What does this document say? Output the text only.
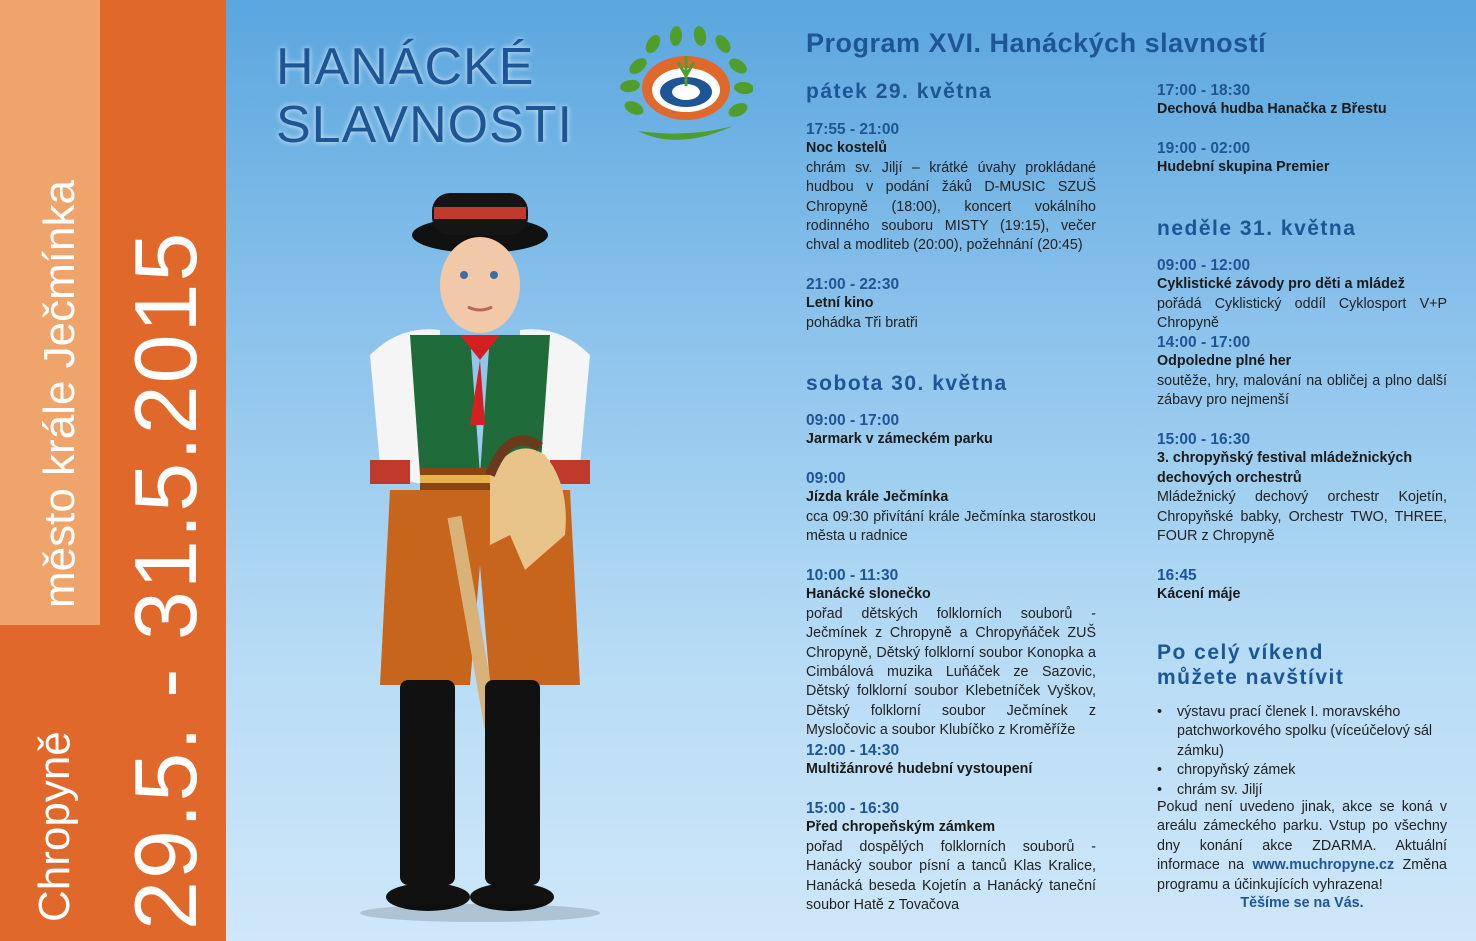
Chropyně
město krále Ječmínka 29.5. - 31.5.2015
HANÁCKÉ
SLAVNOSTI
Program XVI. Hanáckých slavností
pátek 29. května
sobota 30. května
neděle 31. května
17:55 - 21:00
Noc kostelů
chrám sv. Jiljí – krátké úvahy prokládané hudbou v podání žáků D-MUSIC SZUŠ Chropyně (18:00), koncert vokálního rodinného souboru MISTY (19:15), večer chval a modliteb (20:00), požehnání (20:45)
21:00 - 22:30
Letní kino
pohádka Tři bratři
09:00 - 17:00
Jarmark v zámeckém parku
09:00
Jízda krále Ječmínka
cca 09:30 přivítání krále Ječmínka starostkou města u radnice
10:00 - 11:30
Hanácké slonečko
pořad dětských folklorních souborů - Ječmínek z Chropyně a Chropyňáček ZUŠ Chropyně, Dětský folklorní soubor Konopka a Cimbálová muzika Luňáček ze Sazovic, Dětský folklorní soubor Klebetníček Vyškov, Dětský folklorní soubor Ječmínek z Mysločovic a soubor Klubíčko z Kroměříže
12:00 - 14:30
Multižánrové hudební vystoupení
15:00 - 16:30
Před chropeňským zámkem
pořad dospělých folklorních souborů - Hanácký soubor písní a tanců Klas Kralice, Hanácká beseda Kojetín a Hanácký taneční soubor Hatě z Tovačova
17:00 - 18:30
Dechová hudba Hanačka z Břestu
19:00 - 02:00
Hudební skupina Premier
09:00 - 12:00
Cyklistické závody pro děti a mládež
pořádá Cyklistický oddíl Cyklosport V+P Chropyně
14:00 - 17:00
Odpoledne plné her
soutěže, hry, malování na obličej a plno další zábavy pro nejmenší
15:00 - 16:30
3. chropyňský festival mládežnických dechových orchestrů
Mládežnický dechový orchestr Kojetín, Chropyňské babky, Orchestr TWO, THREE, FOUR z Chropyně
16:45
Kácení máje
Po celý víkend
můžete navštívit
• výstavu prací členek I. moravského patchworkového spolku (víceúčelový sál zámku)
• chropyňský zámek
• chrám sv. Jiljí
Pokud není uvedeno jinak, akce se koná v areálu zámeckého parku. Vstup po všechny dny konání akce ZDARMA. Aktuální informace na www.muchropyne.cz Změna programu a účinkujících vyhrazena!
Těšíme se na Vás.
